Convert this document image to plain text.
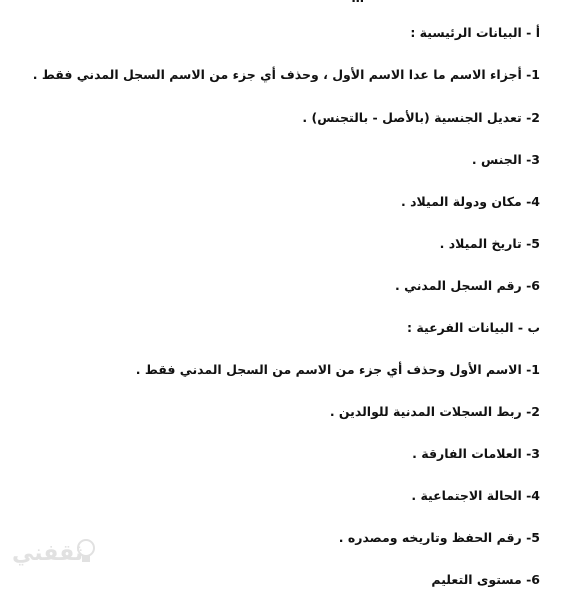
أ - البيانات الرئيسية :
1- أجزاء الاسم ما عدا الاسم الأول ، وحذف أي جزء من الاسم السجل المدني فقط .
2- تعديل الجنسية (بالأصل - بالتجنس) .
3- الجنس .
4- مكان ودولة الميلاد .
5- تاريخ الميلاد .
6- رقم السجل المدني .
ب - البيانات الفرعية :
1- الاسم الأول وحذف أي جزء من الاسم من السجل المدني فقط .
2- ربط السجلات المدنية للوالدين .
3- العلامات الفارقة .
4- الحالة الاجتماعية .
5- رقم الحفظ وتاريخه ومصدره .
6- مستوى التعليم
ثقفني
